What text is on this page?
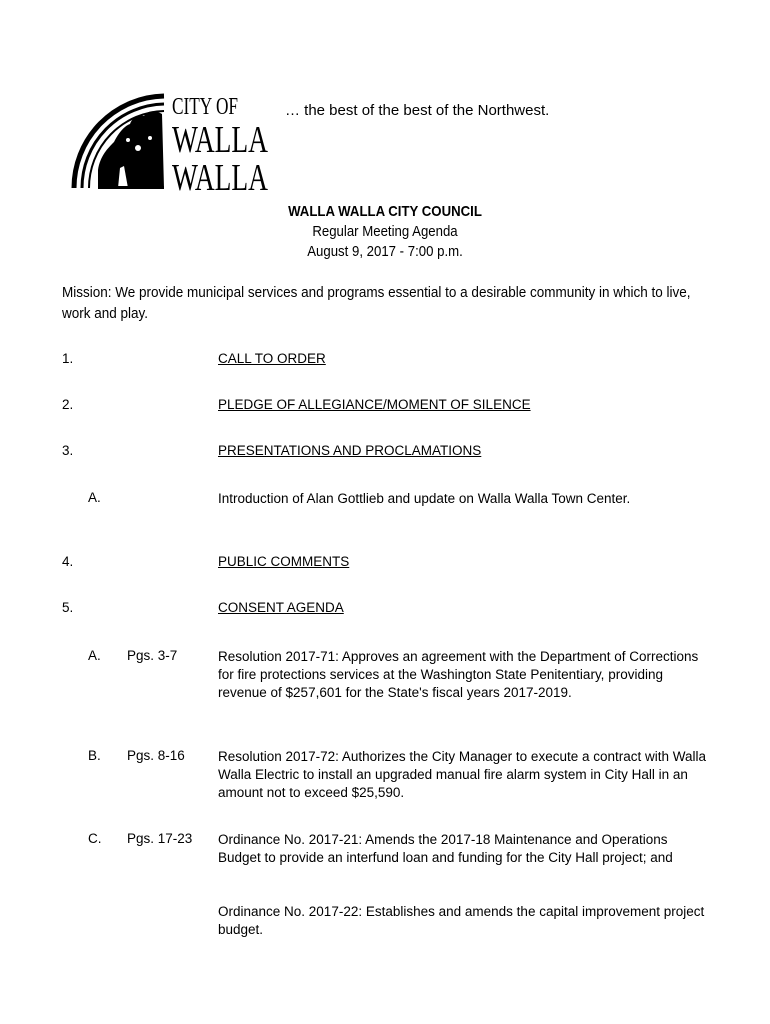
CITY OF
WALLA
WALLA
… the best of the best of the Northwest.
WALLA WALLA CITY COUNCIL
Regular Meeting Agenda
August 9, 2017 - 7:00 p.m.
Mission: We provide municipal services and programs essential to a desirable community in which to live, work and play.
1.	CALL TO ORDER
2.	PLEDGE OF ALLEGIANCE/MOMENT OF SILENCE
3.	PRESENTATIONS AND PROCLAMATIONS
A.	Introduction of Alan Gottlieb and update on Walla Walla Town Center.
4.	PUBLIC COMMENTS
5.	CONSENT AGENDA
A. Pgs. 3-7	Resolution 2017-71: Approves an agreement with the Department of Corrections for fire protections services at the Washington State Penitentiary, providing revenue of $257,601 for the State's fiscal years 2017-2019.
B. Pgs. 8-16 Resolution 2017-72: Authorizes the City Manager to execute a contract with Walla Walla Electric to install an upgraded manual fire alarm system in City Hall in an amount not to exceed $25,590.
C. Pgs. 17-23 Ordinance No. 2017-21: Amends the 2017-18 Maintenance and Operations Budget to provide an interfund loan and funding for the City Hall project; and
Ordinance No. 2017-22: Establishes and amends the capital improvement project budget.
